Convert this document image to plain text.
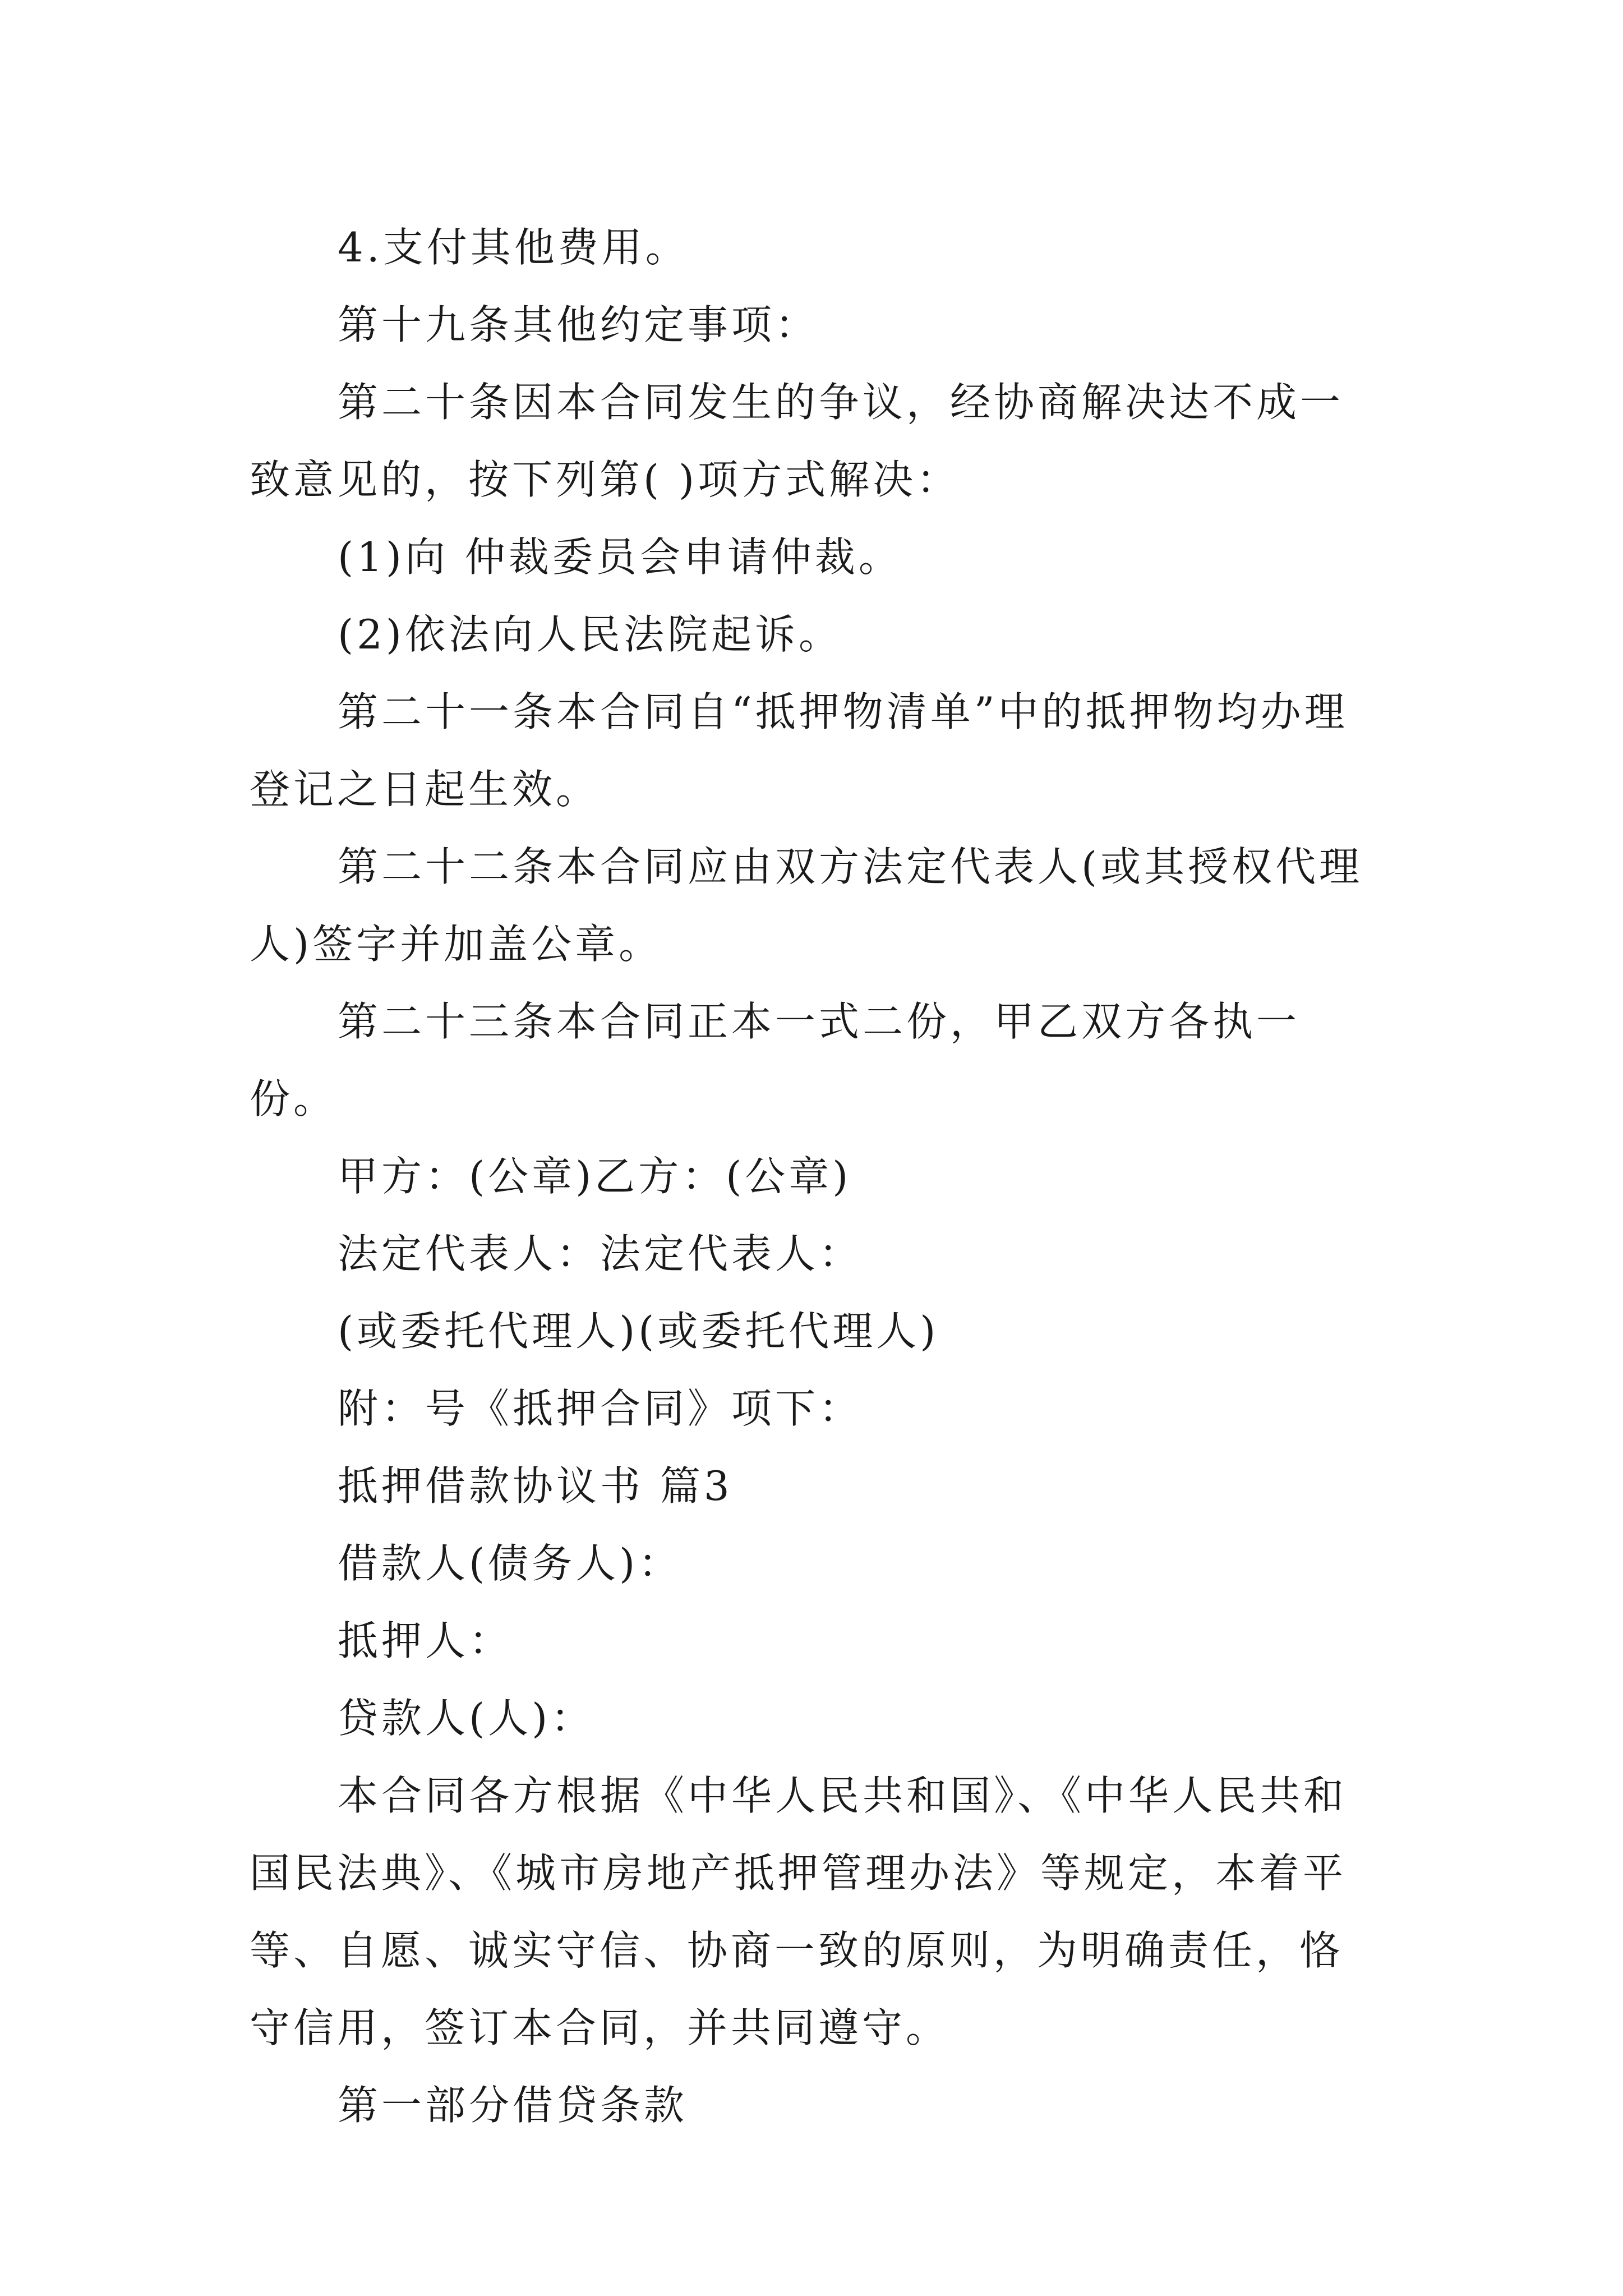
4.支付其他费用。

第十九条其他约定事项：

第二十条因本合同发生的争议，经协商解决达不成一致意见的，按下列第( )项方式解决：

(1)向 仲裁委员会申请仲裁。

(2)依法向人民法院起诉。

第二十一条本合同自“抵押物清单”中的抵押物均办理登记之日起生效。

第二十二条本合同应由双方法定代表人(或其授权代理人)签字并加盖公章。

第二十三条本合同正本一式二份，甲乙双方各执一份。

甲方：(公章)乙方：(公章)

法定代表人：法定代表人：

(或委托代理人)(或委托代理人)

附：号《抵押合同》项下：

抵押借款协议书 篇3

借款人(债务人)：

抵押人：

贷款人(人)：

本合同各方根据《中华人民共和国》、《中华人民共和国民法典》、《城市房地产抵押管理办法》等规定，本着平等、自愿、诚实守信、协商一致的原则，为明确责任，恪守信用，签订本合同，并共同遵守。

第一部分借贷条款
